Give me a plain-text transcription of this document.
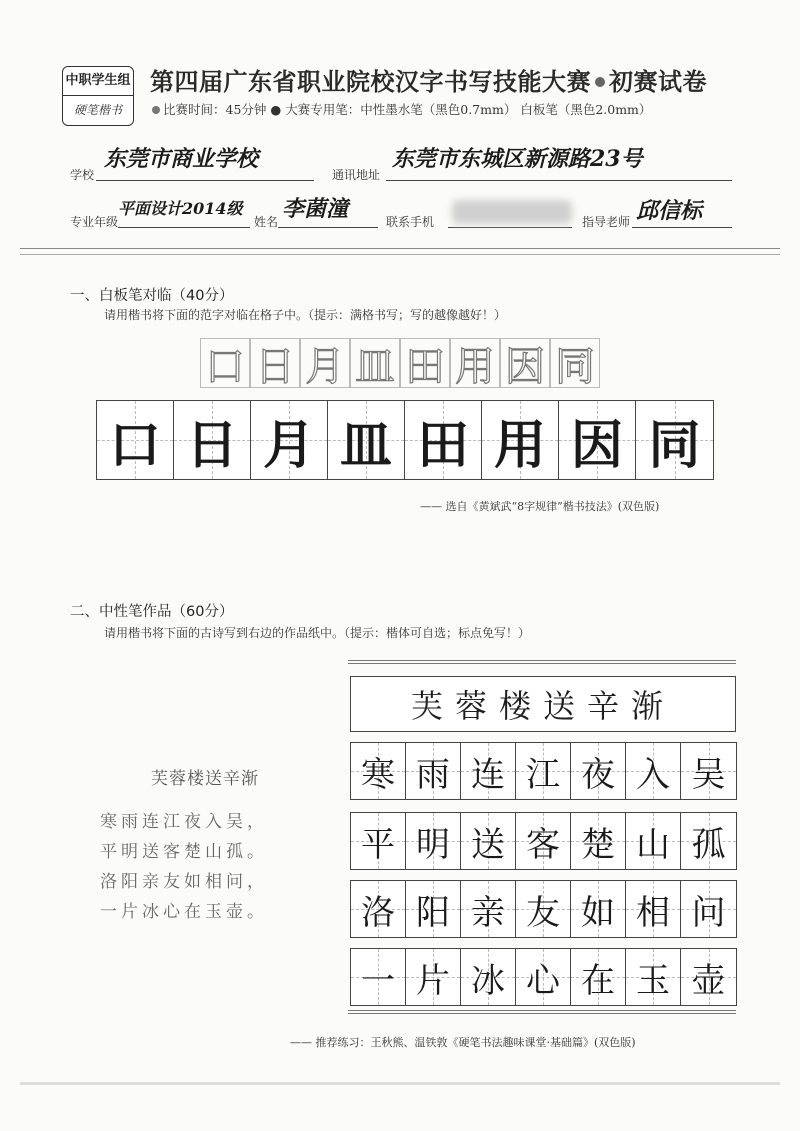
中职学生组
硬笔楷书
第四届广东省职业院校汉字书写技能大赛 初赛试卷
比赛时间：45分钟 ● 大赛专用笔：中性墨水笔（黑色0.7mm） 白板笔（黑色2.0mm）
学校
东莞市商业学校
通讯地址
东莞市东城区新源路23号
专业年级
平面设计2014级
姓名 李菌潼	联系手机	指导老师 邱信标
一、白板笔对临（40分）
请用楷书将下面的范字对临在格子中。（提示：满格书写；写的越像越好！）
口 日 月 皿 田 用 因 同
口 日 月 皿 田 用 因 同
—— 选自《黄斌武“8字规律”楷书技法》(双色版)
二、中性笔作品（60分）
请用楷书将下面的古诗写到右边的作品纸中。（提示：楷体可自选；标点免写！）
芙蓉楼送辛渐
寒雨连江夜入吴，
平明送客楚山孤。
洛阳亲友如相问，
一片冰心在玉壶。
芙蓉楼送辛渐
寒 雨 连 江 夜 入 吴
平 明 送 客 楚 山 孤
洛 阳 亲 友 如 相 问
一 片 冰 心 在 玉 壶
—— 推荐练习：王秋熊、温铁敦《硬笔书法趣味课堂·基础篇》(双色版)
